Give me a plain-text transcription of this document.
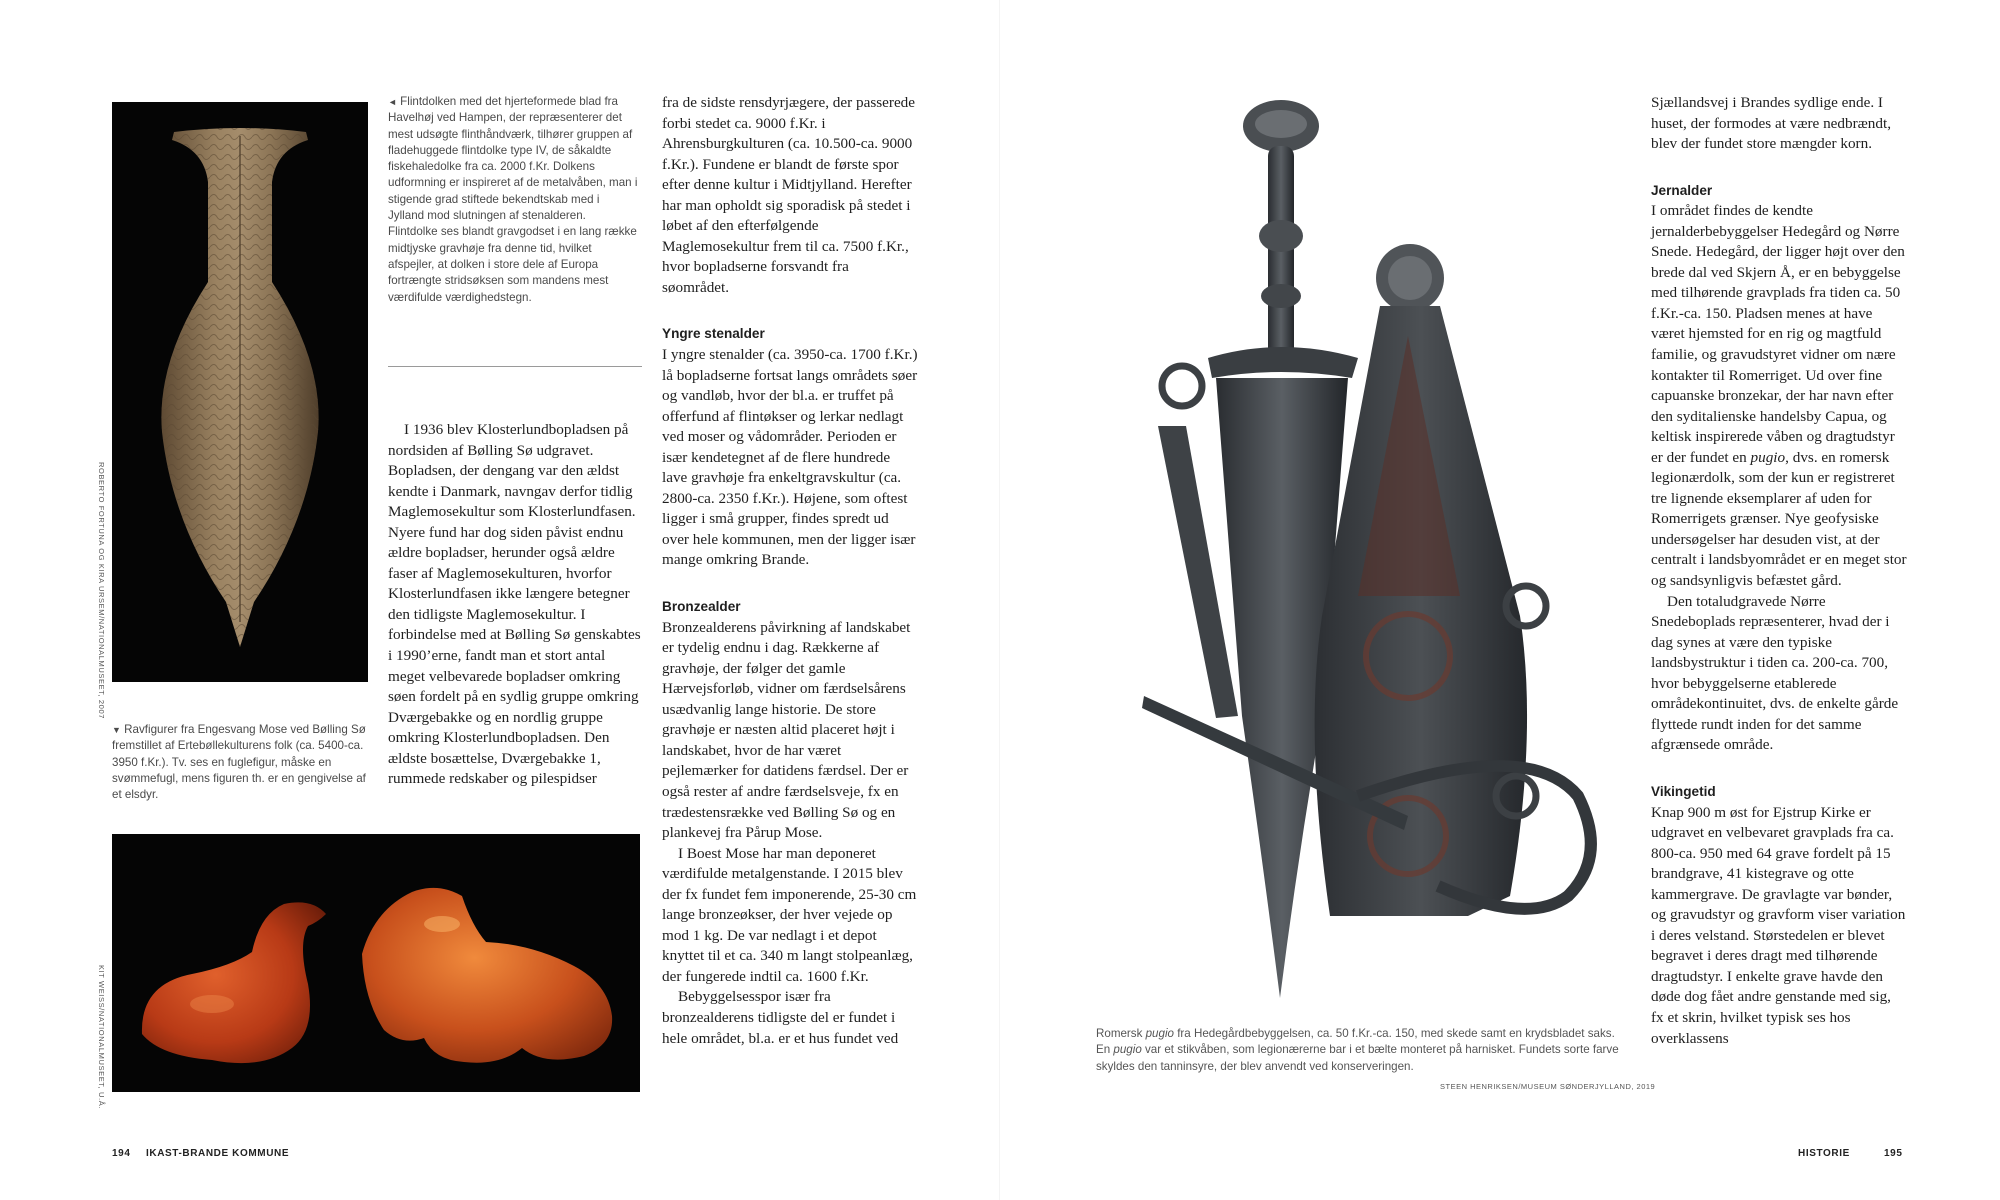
ROBERTO FORTUNA OG KIRA URSEM/NATIONALMUSEET, 2007
◄ Flintdolken med det hjerteformede blad fra Havelhøj ved Hampen, der repræsenterer det mest udsøgte flinthåndværk, tilhører gruppen af fladehuggede flintdolke type IV, de såkaldte fiskehaledolke fra ca. 2000 f.Kr. Dolkens udformning er inspireret af de metalvåben, man i stigende grad stiftede bekendtskab med i Jylland mod slutningen af stenalderen. Flintdolke ses blandt gravgodset i en lang række midtjyske gravhøje fra denne tid, hvilket afspejler, at dolken i store dele af Europa fortrængte stridsøksen som mandens mest værdifulde værdighedstegn.
▼ Ravfigurer fra Engesvang Mose ved Bølling Sø fremstillet af Ertebøllekulturens folk (ca. 5400-ca. 3950 f.Kr.). Tv. ses en fuglefigur, måske en svømmefugl, mens figuren th. er en gengivelse af et elsdyr.

I 1936 blev Klosterlundbopladsen på nordsiden af Bølling Sø udgravet. Bopladsen, der dengang var den ældst kendte i Danmark, navngav derfor tidlig Maglemosekultur som Klosterlundfasen. Nyere fund har dog siden påvist endnu ældre bopladser, herunder også ældre faser af Maglemosekulturen, hvorfor Klosterlundfasen ikke længere betegner den tidligste Maglemosekultur. I forbindelse med at Bølling Sø genskabtes i 1990’erne, fandt man et stort antal meget velbevarede bopladser omkring søen fordelt på en sydlig gruppe omkring Dværgebakke og en nordlig gruppe omkring Klosterlundbopladsen. Den ældste bosættelse, Dværgebakke 1, rummede redskaber og pilespidser

fra de sidste rensdyrjægere, der passerede forbi stedet ca. 9000 f.Kr. i Ahrensburgkulturen (ca. 10.500-ca. 9000 f.Kr.). Fundene er blandt de første spor efter denne kultur i Midtjylland. Herefter har man opholdt sig sporadisk på stedet i løbet af den efterfølgende Maglemosekultur frem til ca. 7500 f.Kr., hvor bopladserne forsvandt fra søområdet.

Yngre stenalder

I yngre stenalder (ca. 3950-ca. 1700 f.Kr.) lå bopladserne fortsat langs områdets søer og vandløb, hvor der bl.a. er truffet på offerfund af flintøkser og lerkar nedlagt ved moser og vådområder. Perioden er især kendetegnet af de flere hundrede lave gravhøje fra enkeltgravskultur (ca. 2800-ca. 2350 f.Kr.). Højene, som oftest ligger i små grupper, findes spredt ud over hele kommunen, men der ligger især mange omkring Brande.

Bronzealder

Bronzealderens påvirkning af landskabet er tydelig endnu i dag. Rækkerne af gravhøje, der følger det gamle Hærvejsforløb, vidner om færdselsårens usædvanlig lange historie. De store gravhøje er næsten altid placeret højt i landskabet, hvor de har været pejlemærker for datidens færdsel. Der er også rester af andre færdselsveje, fx en trædestensrække ved Bølling Sø og en plankevej fra Pårup Mose.

I Boest Mose har man deponeret værdifulde metalgenstande. I 2015 blev der fx fundet fem imponerende, 25-30 cm lange bronzeøkser, der hver vejede op mod 1 kg. De var nedlagt i et depot knyttet til et ca. 340 m langt stolpeanlæg, der fungerede indtil ca. 1600 f.Kr.

Bebyggelsesspor især fra bronzealderens tidligste del er fundet i hele området, bl.a. er et hus fundet ved

KIT WEISS/NATIONALMUSEET, U.Å.
194 IKAST-BRANDE KOMMUNE
Romersk pugio fra Hedegårdbebyggelsen, ca. 50 f.Kr.-ca. 150, med skede samt en krydsbladet saks. En pugio var et stikvåben, som legionærerne bar i et bælte monteret på harnisket. Fundets sorte farve skyldes den tanninsyre, der blev anvendt ved konserveringen.
STEEN HENRIKSEN/MUSEUM SØNDERJYLLAND, 2019

Sjællandsvej i Brandes sydlige ende. I huset, der formodes at være nedbrændt, blev der fundet store mængder korn.

Jernalder

I området findes de kendte jernalderbebyggelser Hedegård og Nørre Snede. Hedegård, der ligger højt over den brede dal ved Skjern Å, er en bebyggelse med tilhørende gravplads fra tiden ca. 50 f.Kr.-ca. 150. Pladsen menes at have været hjemsted for en rig og magtfuld familie, og gravudstyret vidner om nære kontakter til Romerriget. Ud over fine capuanske bronzekar, der har navn efter den syditalienske handelsby Capua, og keltisk inspirerede våben og dragtudstyr er der fundet en pugio, dvs. en romersk legionærdolk, som der kun er registreret tre lignende eksemplarer af uden for Romerrigets grænser. Nye geofysiske undersøgelser har desuden vist, at der centralt i landsbyområdet er en meget stor og sandsynligvis befæstet gård.

Den totaludgravede Nørre Snedeboplads repræsenterer, hvad der i dag synes at være den typiske landsbystruktur i tiden ca. 200-ca. 700, hvor bebyggelserne etablerede områdekontinuitet, dvs. de enkelte gårde flyttede rundt inden for det samme afgrænsede område.

Vikingetid

Knap 900 m øst for Ejstrup Kirke er udgravet en velbevaret gravplads fra ca. 800-ca. 950 med 64 grave fordelt på 15 brandgrave, 41 kistegrave og otte kammergrave. De gravlagte var bønder, og gravudstyr og gravform viser variation i deres velstand. Størstedelen er blevet begravet i deres dragt med tilhørende dragtudstyr. I enkelte grave havde den døde dog fået andre genstande med sig, fx et skrin, hvilket typisk ses hos overklassens

HISTORIE	195
